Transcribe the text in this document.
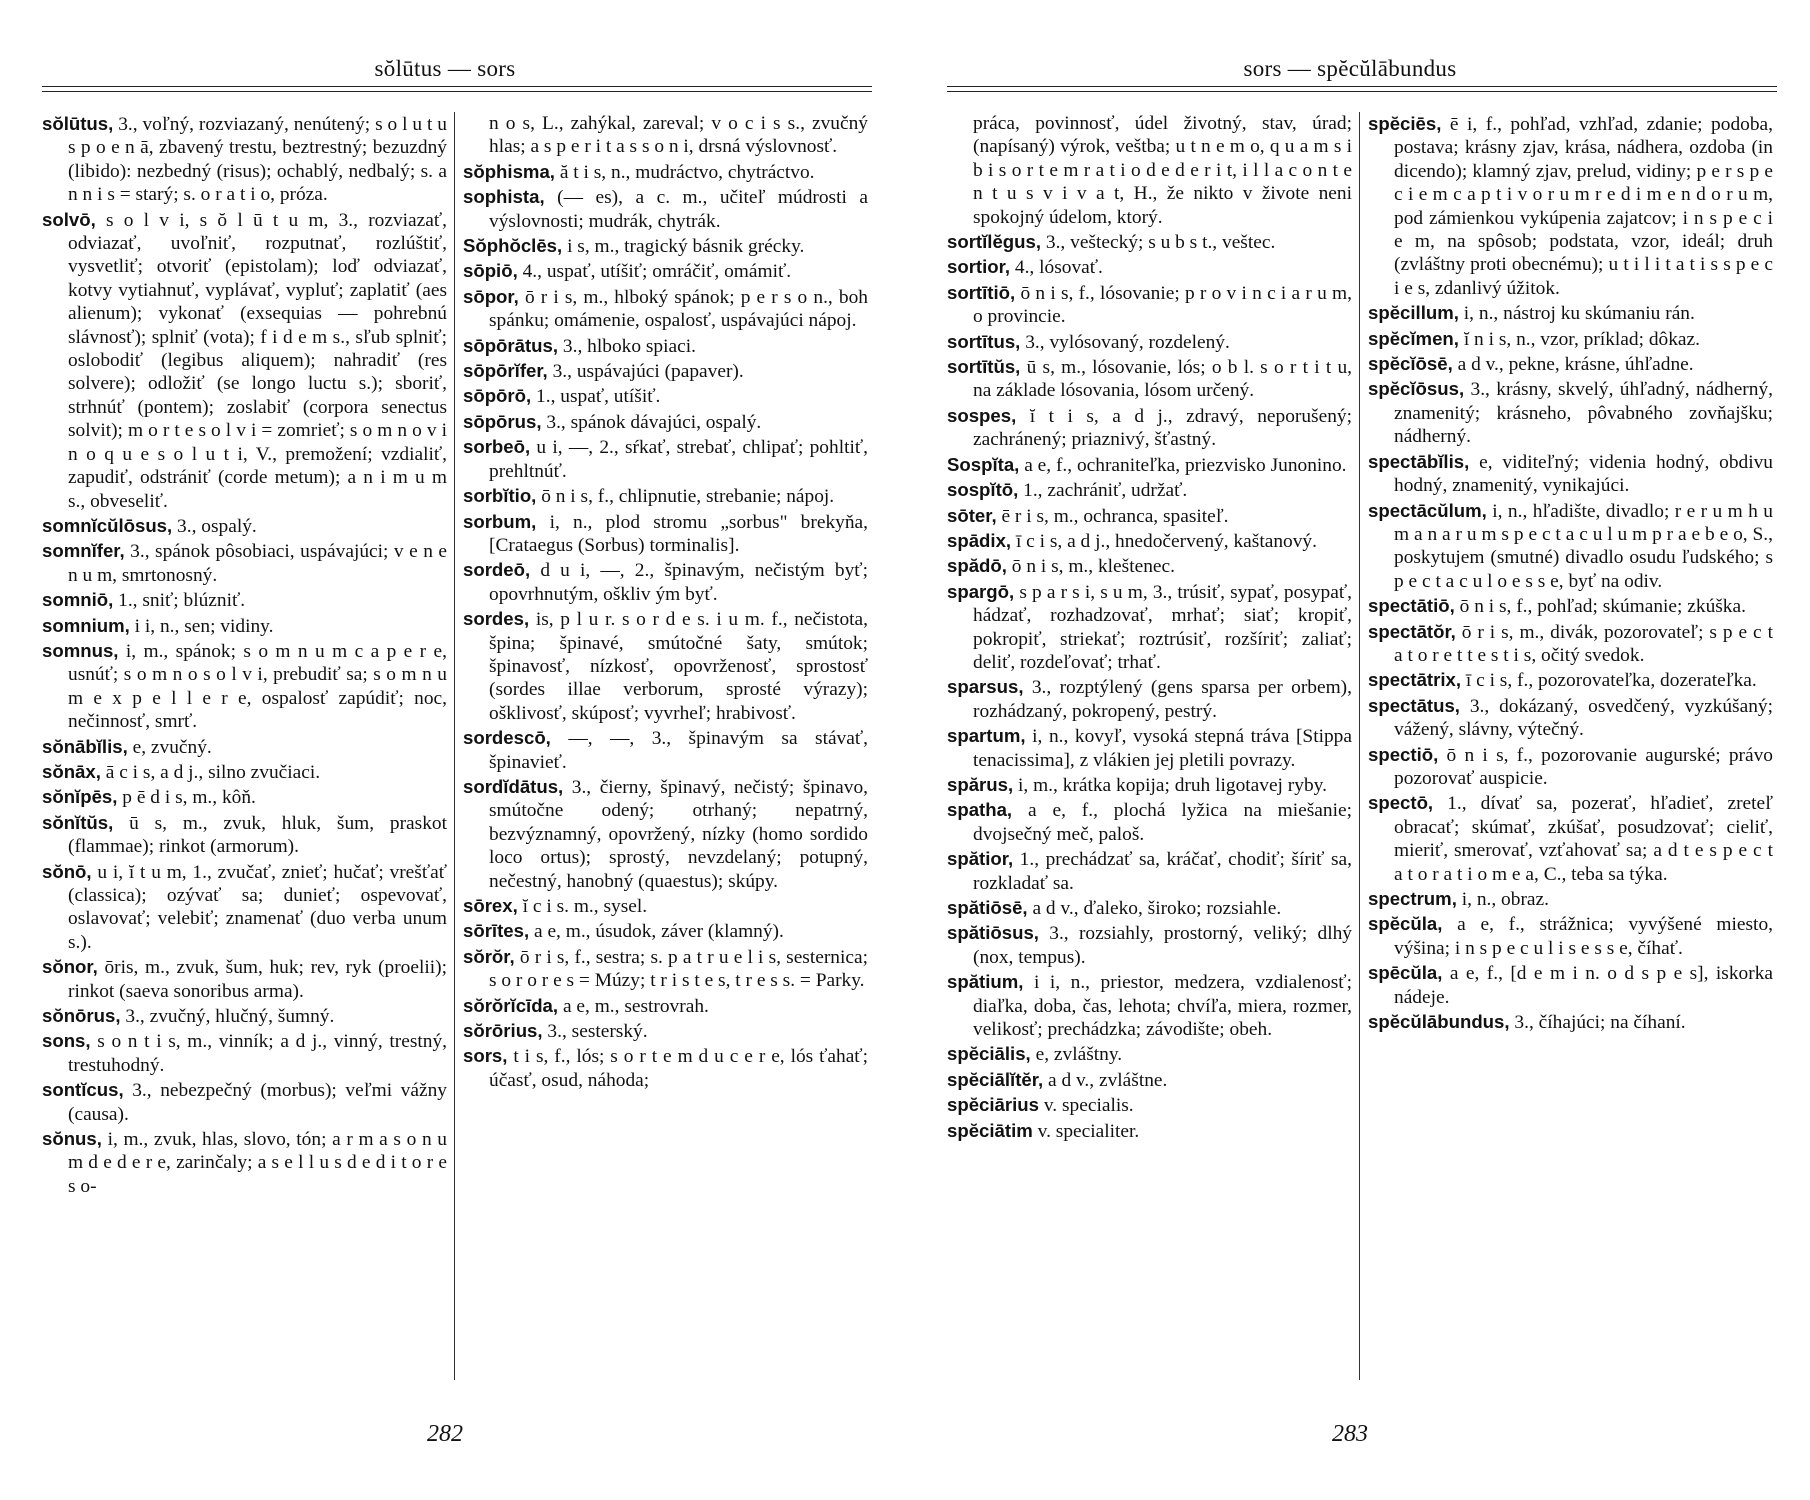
sŏlūtus — sors

sŏlūtus, 3., voľný, rozviazaný, nenútený; s o l u t u s p o e n ā, zbavený trestu, beztrestný; bezuzdný (libido): nezbedný (risus); ochablý, nedbalý; s. a n n i s = starý; s. o r a t i o, próza.

solvō, s o l v i, s ŏ l ū t u m, 3., rozviazať, odviazať, uvoľniť, rozputnať, rozlúštiť, vysvetliť; otvoriť (epistolam); loď odviazať, kotvy vytiahnuť, vyplávať, vypluť; zaplatiť (aes alienum); vykonať (exsequias — pohrebnú slávnosť); splniť (vota); f i d e m s., sľub splniť; oslobodiť (legibus aliquem); nahradiť (res solvere); odložiť (se longo luctu s.); sboriť, strhnúť (pontem); zoslabiť (corpora senectus solvit); m o r t e s o l v i = zomrieť; s o m n o v i n o q u e s o l u t i, V., premožení; vzdialiť, zapudiť, odstrániť (corde metum); a n i m u m s., obveseliť.

somnĭcŭlōsus, 3., ospalý.

somnĭfer, 3., spánok pôsobiaci, uspávajúci; v e n e n u m, smrtonosný.

somniō, 1., sniť; blúzniť.

somnium, i i, n., sen; vidiny.

somnus, i, m., spánok; s o m n u m c a p e r e, usnúť; s o m n o s o l v i, prebudiť sa; s o m n u m e x p e l l e r e, ospalosť zapúdiť; noc, nečinnosť, smrť.

sŏnābĭlis, e, zvučný.

sŏnāx, ā c i s, a d j., silno zvučiaci.

sŏnĭpēs, p ē d i s, m., kôň.

sŏnĭtŭs, ū s, m., zvuk, hluk, šum, praskot (flammae); rinkot (armorum).

sŏnō, u i, ĭ t u m, 1., zvučať, znieť; hučať; vrešťať (classica); ozývať sa; dunieť; ospevovať, oslavovať; velebiť; znamenať (duo verba unum s.).

sŏnor, ōris, m., zvuk, šum, huk; rev, ryk (proelii); rinkot (saeva sonoribus arma).

sŏnōrus, 3., zvučný, hlučný, šumný.

sons, s o n t i s, m., vinník; a d j., vinný, trestný, trestuhodný.

sontĭcus, 3., nebezpečný (morbus); veľmi vážny (causa).

sŏnus, i, m., zvuk, hlas, slovo, tón; a r m a s o n u m d e d e r e, zarinčaly; a s e l l u s d e d i t o r e s o-

n o s, L., zahýkal, zareval; v o c i s s., zvučný hlas; a s p e r i t a s s o n i, drsná výslovnosť.

sŏphisma, ă t i s, n., mudráctvo, chytráctvo.

sophista, (— es), a c. m., učiteľ múdrosti a výslovnosti; mudrák, chytrák.

Sŏphŏclēs, i s, m., tragický básnik grécky.

sōpiō, 4., uspať, utíšiť; omráčiť, omámiť.

sōpor, ō r i s, m., hlboký spánok; p e r s o n., boh spánku; omámenie, ospalosť, uspávajúci nápoj.

sōpōrātus, 3., hlboko spiaci.

sōpōrĭfer, 3., uspávajúci (papaver).

sōpōrō, 1., uspať, utíšiť.

sōpōrus, 3., spánok dávajúci, ospalý.

sorbeō, u i, —, 2., sŕkať, strebať, chlipať; pohltiť, prehltnúť.

sorbĭtio, ō n i s, f., chlipnutie, strebanie; nápoj.

sorbum, i, n., plod stromu „sorbus" brekyňa, [Crataegus (Sorbus) torminalis].

sordeō, d u i, —, 2., špinavým, nečistým byť; opovrhnutým, oškliv ým byť.

sordes, is, p l u r. s o r d e s. i u m. f., nečistota, špina; špinavé, smútočné šaty, smútok; špinavosť, nízkosť, opovrženosť, sprostosť (sordes illae verborum, sprosté výrazy); ošklivosť, skúposť; vyvrheľ; hrabivosť.

sordescō, —, —, 3., špinavým sa stávať, špinavieť.

sordĭdātus, 3., čierny, špinavý, nečistý; špinavo, smútočne odený; otrhaný; nepatrný, bezvýznamný, opovržený, nízky (homo sordido loco ortus); sprostý, nevzdelaný; potupný, nečestný, hanobný (quaestus); skúpy.

sōrex, ĭ c i s. m., sysel.

sōrītes, a e, m., úsudok, záver (klamný).

sŏrŏr, ō r i s, f., sestra; s. p a t r u e l i s, sesternica; s o r o r e s = Múzy; t r i s t e s, t r e s s. = Parky.

sŏrŏrĭcīda, a e, m., sestrovrah.

sŏrōrius, 3., sesterský.

sors, t i s, f., lós; s o r t e m d u c e r e, lós ťahať; účasť, osud, náhoda;

282
sors — spĕcŭlābundus

práca, povinnosť, údel životný, stav, úrad; (napísaný) výrok, veštba; u t n e m o, q u a m s i b i s o r t e m r a t i o d e d e r i t, i l l a c o n t e n t u s v i v a t, H., že nikto v živote neni spokojný údelom, ktorý.

sortĭlĕgus, 3., veštecký; s u b s t., veštec.

sortior, 4., lósovať.

sortītiō, ō n i s, f., lósovanie; p r o v i n c i a r u m, o provincie.

sortītus, 3., vylósovaný, rozdelený.

sortītŭs, ū s, m., lósovanie, lós; o b l. s o r t i t u, na základe lósovania, lósom určený.

sospes, ĭ t i s, a d j., zdravý, neporušený; zachránený; priaznivý, šťastný.

Sospĭta, a e, f., ochraniteľka, priezvisko Junonino.

sospĭtō, 1., zachrániť, udržať.

sōter, ē r i s, m., ochranca, spasiteľ.

spādix, ī c i s, a d j., hnedočervený, kaštanový.

spădō, ō n i s, m., kleštenec.

spargō, s p a r s i, s u m, 3., trúsiť, sypať, posypať, hádzať, rozhadzovať, mrhať; siať; kropiť, pokropiť, striekať; roztrúsiť, rozšíriť; zaliať; deliť, rozdeľovať; trhať.

sparsus, 3., rozptýlený (gens sparsa per orbem), rozhádzaný, pokropený, pestrý.

spartum, i, n., kovyľ, vysoká stepná tráva [Stippa tenacissima], z vlákien jej pletili povrazy.

spărus, i, m., krátka kopija; druh ligotavej ryby.

spatha, a e, f., plochá lyžica na miešanie; dvojsečný meč, paloš.

spătior, 1., prechádzať sa, kráčať, chodiť; šíriť sa, rozkladať sa.

spătiōsē, a d v., ďaleko, široko; rozsiahle.

spătiōsus, 3., rozsiahly, prostorný, veliký; dlhý (nox, tempus).

spătium, i i, n., priestor, medzera, vzdialenosť; diaľka, doba, čas, lehota; chvíľa, miera, rozmer, velikosť; prechádzka; závodište; obeh.

spĕciālis, e, zvláštny.

spĕciālĭtĕr, a d v., zvláštne.

spĕciārius v. specialis.

spĕciātim v. specialiter.

spĕciēs, ē i, f., pohľad, vzhľad, zdanie; podoba, postava; krásny zjav, krása, nádhera, ozdoba (in dicendo); klamný zjav, prelud, vidiny; p e r s p e c i e m c a p t i v o r u m r e d i m e n d o r u m, pod zámienkou vykúpenia zajatcov; i n s p e c i e m, na spôsob; podstata, vzor, ideál; druh (zvláštny proti obecnému); u t i l i t a t i s s p e c i e s, zdanlivý úžitok.

spĕcillum, i, n., nástroj ku skúmaniu rán.

spĕcĭmen, ĭ n i s, n., vzor, príklad; dôkaz.

spĕcĭōsē, a d v., pekne, krásne, úhľadne.

spĕcĭōsus, 3., krásny, skvelý, úhľadný, nádherný, znamenitý; krásneho, pôvabného zovňajšku; nádherný.

spectābĭlis, e, viditeľný; videnia hodný, obdivu hodný, znamenitý, vynikajúci.

spectācŭlum, i, n., hľadište, divadlo; r e r u m h u m a n a r u m s p e c t a c u l u m p r a e b e o, S., poskytujem (smutné) divadlo osudu ľudského; s p e c t a c u l o e s s e, byť na odiv.

spectātiō, ō n i s, f., pohľad; skúmanie; zkúška.

spectātŏr, ō r i s, m., divák, pozorovateľ; s p e c t a t o r e t t e s t i s, očitý svedok.

spectātrix, ī c i s, f., pozorovateľka, dozerateľka.

spectātus, 3., dokázaný, osvedčený, vyzkúšaný; vážený, slávny, výtečný.

spectiō, ō n i s, f., pozorovanie augurské; právo pozorovať auspicie.

spectō, 1., dívať sa, pozerať, hľadieť, zreteľ obracať; skúmať, zkúšať, posudzovať; cieliť, mieriť, smerovať, vzťahovať sa; a d t e s p e c t a t o r a t i o m e a, C., teba sa týka.

spectrum, i, n., obraz.

spĕcŭla, a e, f., strážnica; vyvýšené miesto, výšina; i n s p e c u l i s e s s e, číhať.

spēcŭla, a e, f., [d e m i n. o d s p e s], iskorka nádeje.

spĕcŭlābundus, 3., číhajúci; na číhaní.

283
